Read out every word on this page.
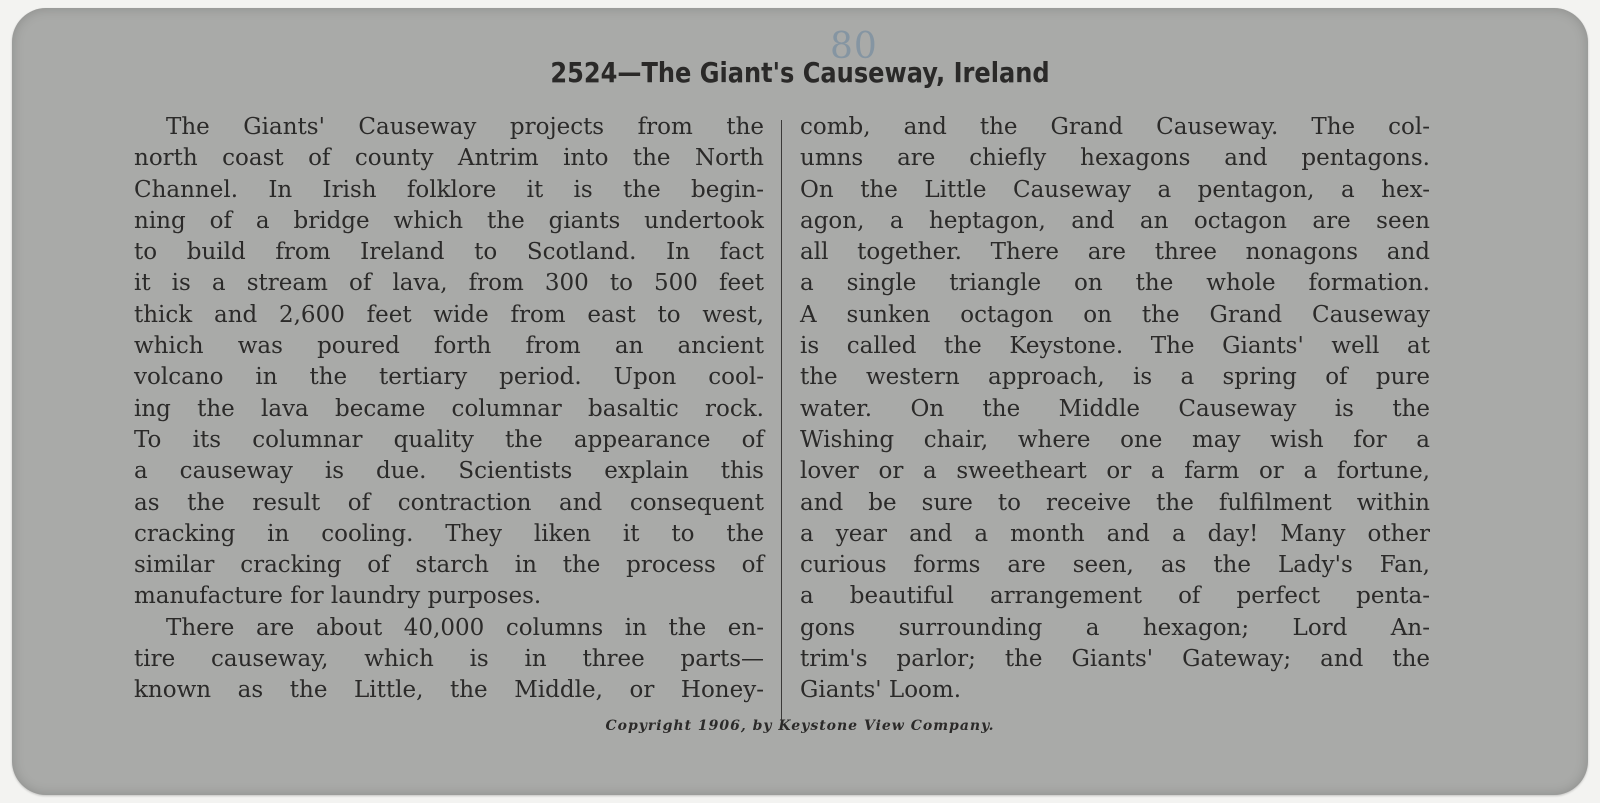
80
2524—The Giant's Causeway, Ireland
The Giants' Causeway projects from the
north coast of county Antrim into the North
Channel. In Irish folklore it is the begin-
ning of a bridge which the giants undertook
to build from Ireland to Scotland. In fact
it is a stream of lava, from 300 to 500 feet
thick and 2,600 feet wide from east to west,
which was poured forth from an ancient
volcano in the tertiary period. Upon cool-
ing the lava became columnar basaltic rock.
To its columnar quality the appearance of
a causeway is due. Scientists explain this
as the result of contraction and consequent
cracking in cooling. They liken it to the
similar cracking of starch in the process of
manufacture for laundry purposes.
There are about 40,000 columns in the en-
tire causeway, which is in three parts—
known as the Little, the Middle, or Honey-
comb, and the Grand Causeway. The col-
umns are chiefly hexagons and pentagons.
On the Little Causeway a pentagon, a hex-
agon, a heptagon, and an octagon are seen
all together. There are three nonagons and
a single triangle on the whole formation.
A sunken octagon on the Grand Causeway
is called the Keystone. The Giants' well at
the western approach, is a spring of pure
water. On the Middle Causeway is the
Wishing chair, where one may wish for a
lover or a sweetheart or a farm or a fortune,
and be sure to receive the fulfilment within
a year and a month and a day! Many other
curious forms are seen, as the Lady's Fan,
a beautiful arrangement of perfect penta-
gons surrounding a hexagon; Lord An-
trim's parlor; the Giants' Gateway; and the
Giants' Loom.
Copyright 1906, by Keystone View Company.
